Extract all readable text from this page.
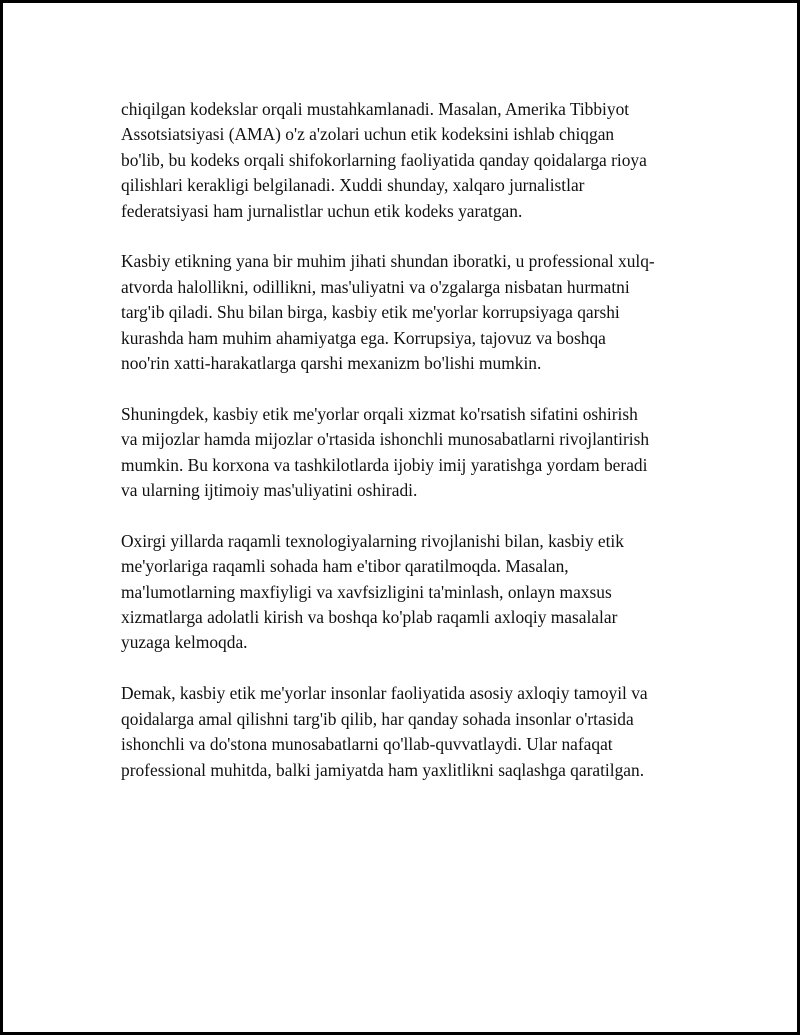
chiqilgan kodekslar orqali mustahkamlanadi. Masalan, Amerika Tibbiyot
Assotsiatsiyasi (AMA) o'z a'zolari uchun etik kodeksini ishlab chiqgan
bo'lib, bu kodeks orqali shifokorlarning faoliyatida qanday qoidalarga rioya
qilishlari kerakligi belgilanadi. Xuddi shunday, xalqaro jurnalistlar
federatsiyasi ham jurnalistlar uchun etik kodeks yaratgan.

Kasbiy etikning yana bir muhim jihati shundan iboratki, u professional xulq-
atvorda halollikni, odillikni, mas'uliyatni va o'zgalarga nisbatan hurmatni
targ'ib qiladi. Shu bilan birga, kasbiy etik me'yorlar korrupsiyaga qarshi
kurashda ham muhim ahamiyatga ega. Korrupsiya, tajovuz va boshqa
noo'rin xatti-harakatlarga qarshi mexanizm bo'lishi mumkin.

Shuningdek, kasbiy etik me'yorlar orqali xizmat ko'rsatish sifatini oshirish
va mijozlar hamda mijozlar o'rtasida ishonchli munosabatlarni rivojlantirish
mumkin. Bu korxona va tashkilotlarda ijobiy imij yaratishga yordam beradi
va ularning ijtimoiy mas'uliyatini oshiradi.

Oxirgi yillarda raqamli texnologiyalarning rivojlanishi bilan, kasbiy etik
me'yorlariga raqamli sohada ham e'tibor qaratilmoqda. Masalan,
ma'lumotlarning maxfiyligi va xavfsizligini ta'minlash, onlayn maxsus
xizmatlarga adolatli kirish va boshqa ko'plab raqamli axloqiy masalalar
yuzaga kelmoqda.

Demak, kasbiy etik me'yorlar insonlar faoliyatida asosiy axloqiy tamoyil va
qoidalarga amal qilishni targ'ib qilib, har qanday sohada insonlar o'rtasida
ishonchli va do'stona munosabatlarni qo'llab-quvvatlaydi. Ular nafaqat
professional muhitda, balki jamiyatda ham yaxlitlikni saqlashga qaratilgan.
